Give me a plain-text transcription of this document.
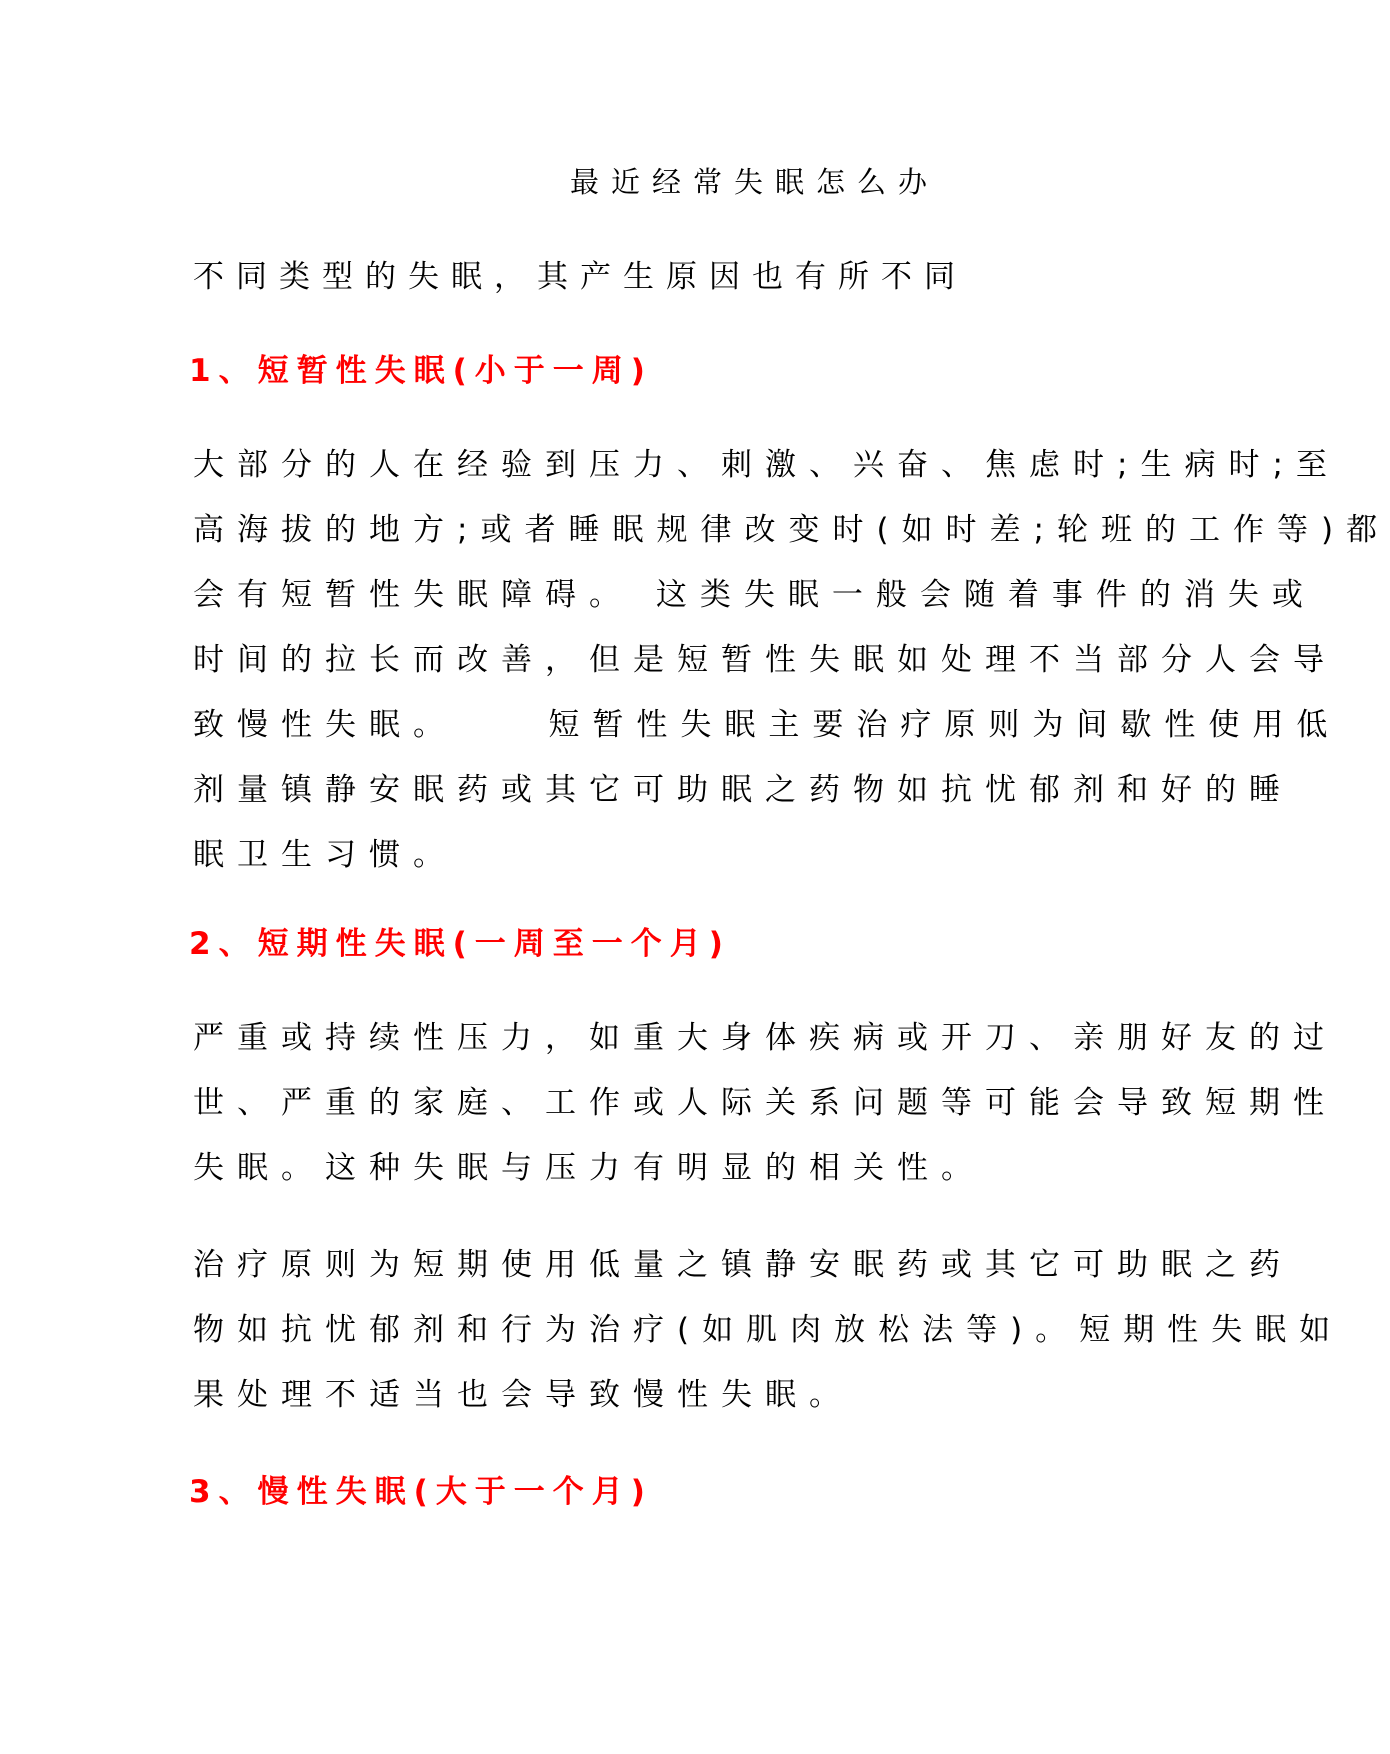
最近经常失眠怎么办
不同类型的失眠，其产生原因也有所不同
1、短暂性失眠(小于一周)
大部分的人在经验到压力、刺激、兴奋、焦虑时;生病时;至
高海拔的地方;或者睡眠规律改变时(如时差;轮班的工作等)都
会有短暂性失眠障碍。 这类失眠一般会随着事件的消失或
时间的拉长而改善，但是短暂性失眠如处理不当部分人会导
致慢性失眠。    短暂性失眠主要治疗原则为间歇性使用低
剂量镇静安眠药或其它可助眠之药物如抗忧郁剂和好的睡
眠卫生习惯。
2、短期性失眠(一周至一个月)
严重或持续性压力，如重大身体疾病或开刀、亲朋好友的过
世、严重的家庭、工作或人际关系问题等可能会导致短期性
失眠。这种失眠与压力有明显的相关性。
治疗原则为短期使用低量之镇静安眠药或其它可助眠之药
物如抗忧郁剂和行为治疗(如肌肉放松法等)。短期性失眠如
果处理不适当也会导致慢性失眠。
3、慢性失眠(大于一个月)
